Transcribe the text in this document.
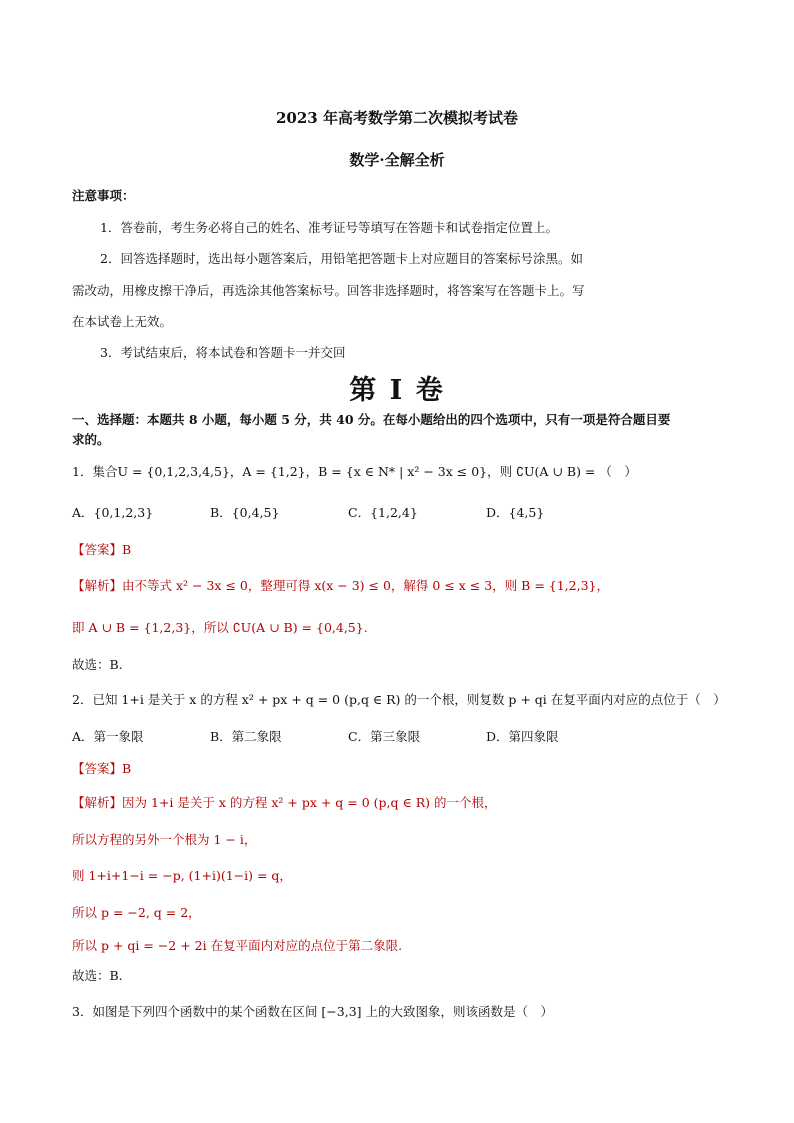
2023 年高考数学第二次模拟考试卷
数学·全解全析
注意事项：
1．答卷前，考生务必将自己的姓名、准考证号等填写在答题卡和试卷指定位置上。
2．回答选择题时，选出每小题答案后，用铅笔把答题卡上对应题目的答案标号涂黑。如
需改动，用橡皮擦干净后，再选涂其他答案标号。回答非选择题时，将答案写在答题卡上。写
在本试卷上无效。
3．考试结束后，将本试卷和答题卡一并交回
第 I 卷
一、选择题：本题共 8 小题，每小题 5 分，共 40 分。在每小题给出的四个选项中，只有一项是符合题目要
求的。
1．集合U = {0,1,2,3,4,5}，A = {1,2}，B = {x ∈ N* | x² − 3x ≤ 0}，则 ∁U(A ∪ B) = （　）
A．{0,1,2,3}	B．{0,4,5}	C．{1,2,4}	D．{4,5}
【答案】B
【解析】由不等式 x² − 3x ≤ 0，整理可得 x(x − 3) ≤ 0，解得 0 ≤ x ≤ 3，则 B = {1,2,3}，
即 A ∪ B = {1,2,3}，所以 ∁U(A ∪ B) = {0,4,5}.
故选：B.
2．已知 1+i 是关于 x 的方程 x² + px + q = 0 (p,q ∈ R) 的一个根，则复数 p + qi 在复平面内对应的点位于（　）
A．第一象限	B．第二象限	C．第三象限	D．第四象限
【答案】B
【解析】因为 1+i 是关于 x 的方程 x² + px + q = 0 (p,q ∈ R) 的一个根，
所以方程的另外一个根为 1 − i，
则 1+i+1−i = −p, (1+i)(1−i) = q，
所以 p = −2, q = 2，
所以 p + qi = −2 + 2i 在复平面内对应的点位于第二象限.
故选：B.
3．如图是下列四个函数中的某个函数在区间 [−3,3] 上的大致图象，则该函数是（　）
